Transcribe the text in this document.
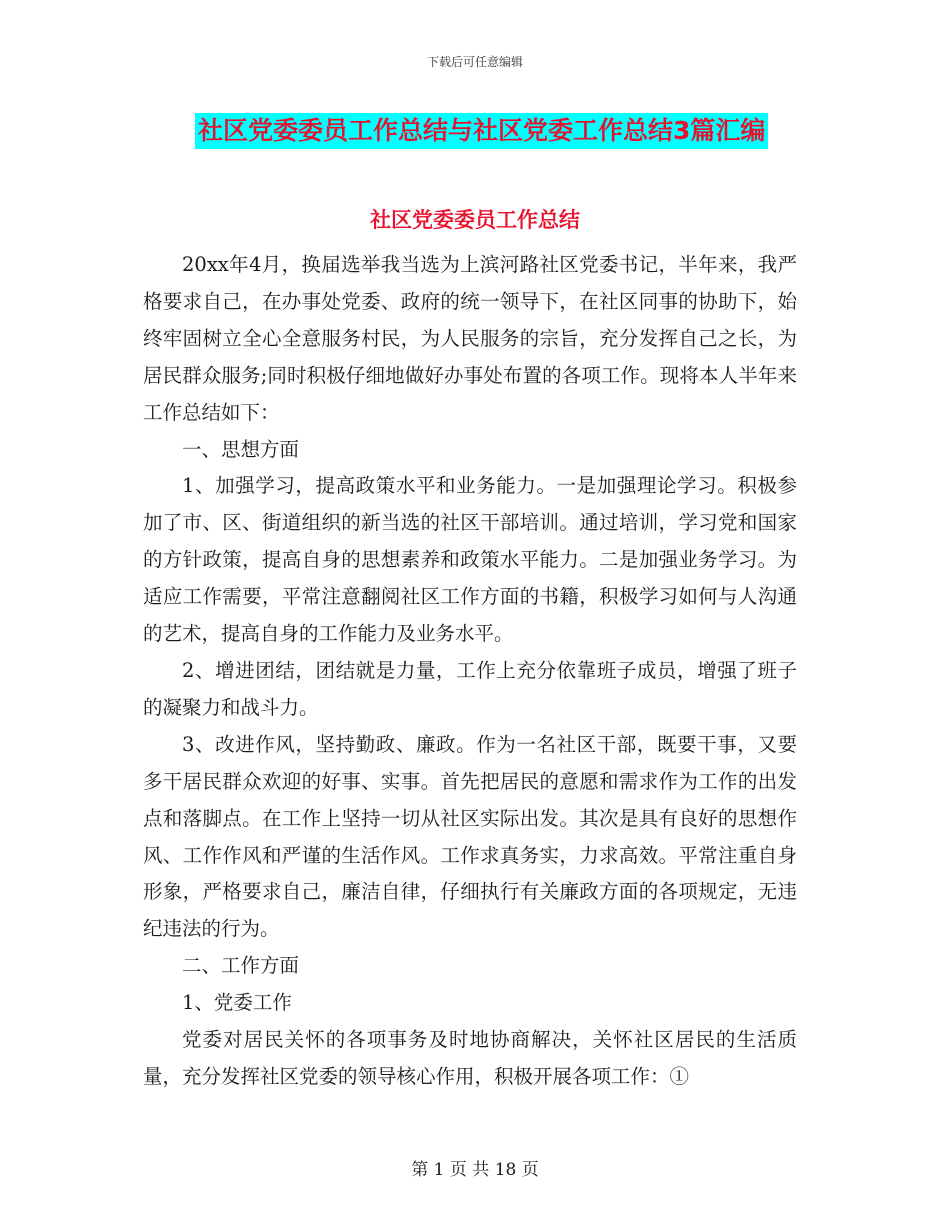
下载后可任意编辑
社区党委委员工作总结与社区党委工作总结3篇汇编
社区党委委员工作总结

20xx年4月，换届选举我当选为上滨河路社区党委书记，半年来，我严格要求自己，在办事处党委、政府的统一领导下，在社区同事的协助下，始终牢固树立全心全意服务村民，为人民服务的宗旨，充分发挥自己之长，为居民群众服务;同时积极仔细地做好办事处布置的各项工作。现将本人半年来工作总结如下：

一、思想方面

1、加强学习，提高政策水平和业务能力。一是加强理论学习。积极参加了市、区、街道组织的新当选的社区干部培训。通过培训，学习党和国家的方针政策，提高自身的思想素养和政策水平能力。二是加强业务学习。为适应工作需要，平常注意翻阅社区工作方面的书籍，积极学习如何与人沟通的艺术，提高自身的工作能力及业务水平。

2、增进团结，团结就是力量，工作上充分依靠班子成员，增强了班子的凝聚力和战斗力。

3、改进作风，坚持勤政、廉政。作为一名社区干部，既要干事，又要多干居民群众欢迎的好事、实事。首先把居民的意愿和需求作为工作的出发点和落脚点。在工作上坚持一切从社区实际出发。其次是具有良好的思想作风、工作作风和严谨的生活作风。工作求真务实，力求高效。平常注重自身形象，严格要求自己，廉洁自律，仔细执行有关廉政方面的各项规定，无违纪违法的行为。

二、工作方面

1、党委工作

党委对居民关怀的各项事务及时地协商解决，关怀社区居民的生活质量，充分发挥社区党委的领导核心作用，积极开展各项工作：①

第 1 页 共 18 页
